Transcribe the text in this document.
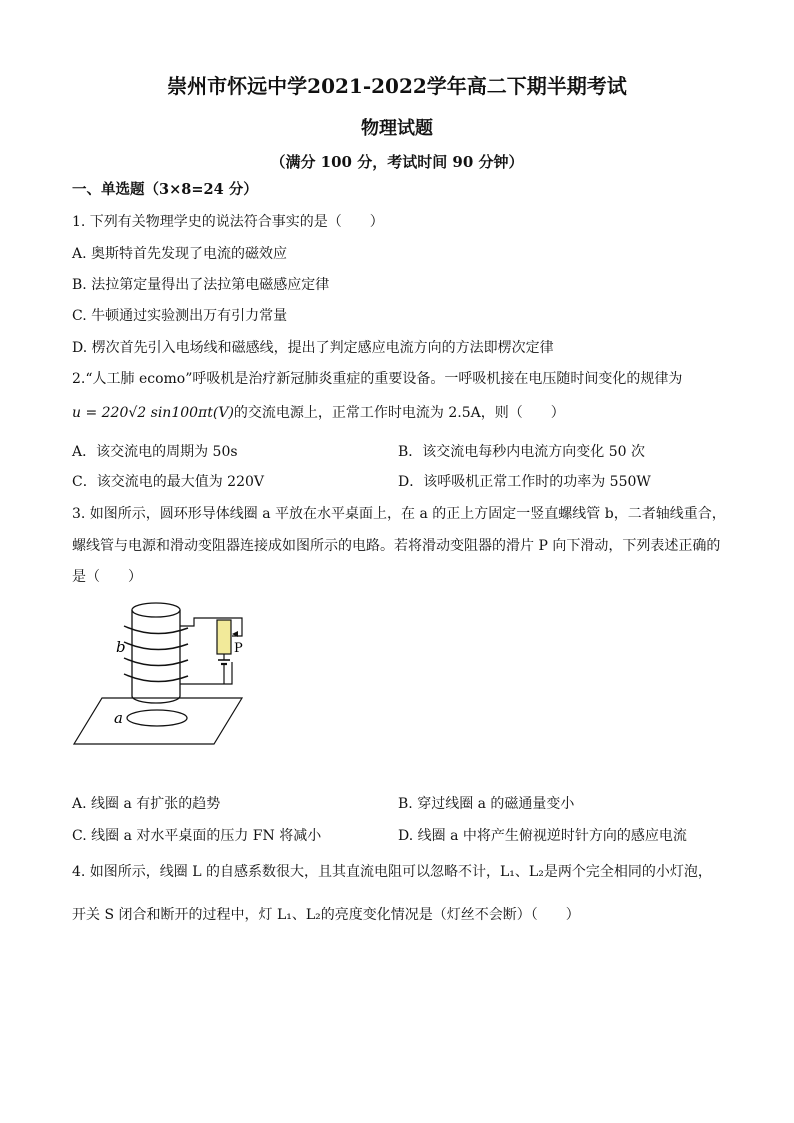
崇州市怀远中学2021-2022学年高二下期半期考试
物理试题
（满分 100 分，考试时间 90 分钟）
一、单选题（3×8=24 分）
1. 下列有关物理学史的说法符合事实的是（　　）
A. 奥斯特首先发现了电流的磁效应
B. 法拉第定量得出了法拉第电磁感应定律
C. 牛顿通过实验测出万有引力常量
D. 楞次首先引入电场线和磁感线，提出了判定感应电流方向的方法即楞次定律
2.“人工肺 ecomo”呼吸机是治疗新冠肺炎重症的重要设备。一呼吸机接在电压随时间变化的规律为
u = 220√2 sin100πt(V)的交流电源上，正常工作时电流为 2.5A，则（　　）
A．该交流电的周期为 50s	B．该交流电每秒内电流方向变化 50 次
C．该交流电的最大值为 220V	D．该呼吸机正常工作时的功率为 550W
3. 如图所示，圆环形导体线圈 a 平放在水平桌面上，在 a 的正上方固定一竖直螺线管 b，二者轴线重合，
螺线管与电源和滑动变阻器连接成如图所示的电路。若将滑动变阻器的滑片 P 向下滑动，下列表述正确的
是（　　）
a
b	P
A. 线圈 a 有扩张的趋势	B. 穿过线圈 a 的磁通量变小
C. 线圈 a 对水平桌面的压力 FN 将减小	D. 线圈 a 中将产生俯视逆时针方向的感应电流
4. 如图所示，线圈 L 的自感系数很大，且其直流电阻可以忽略不计，L₁、L₂是两个完全相同的小灯泡，
开关 S 闭合和断开的过程中，灯 L₁、L₂的亮度变化情况是（灯丝不会断）（　　）
